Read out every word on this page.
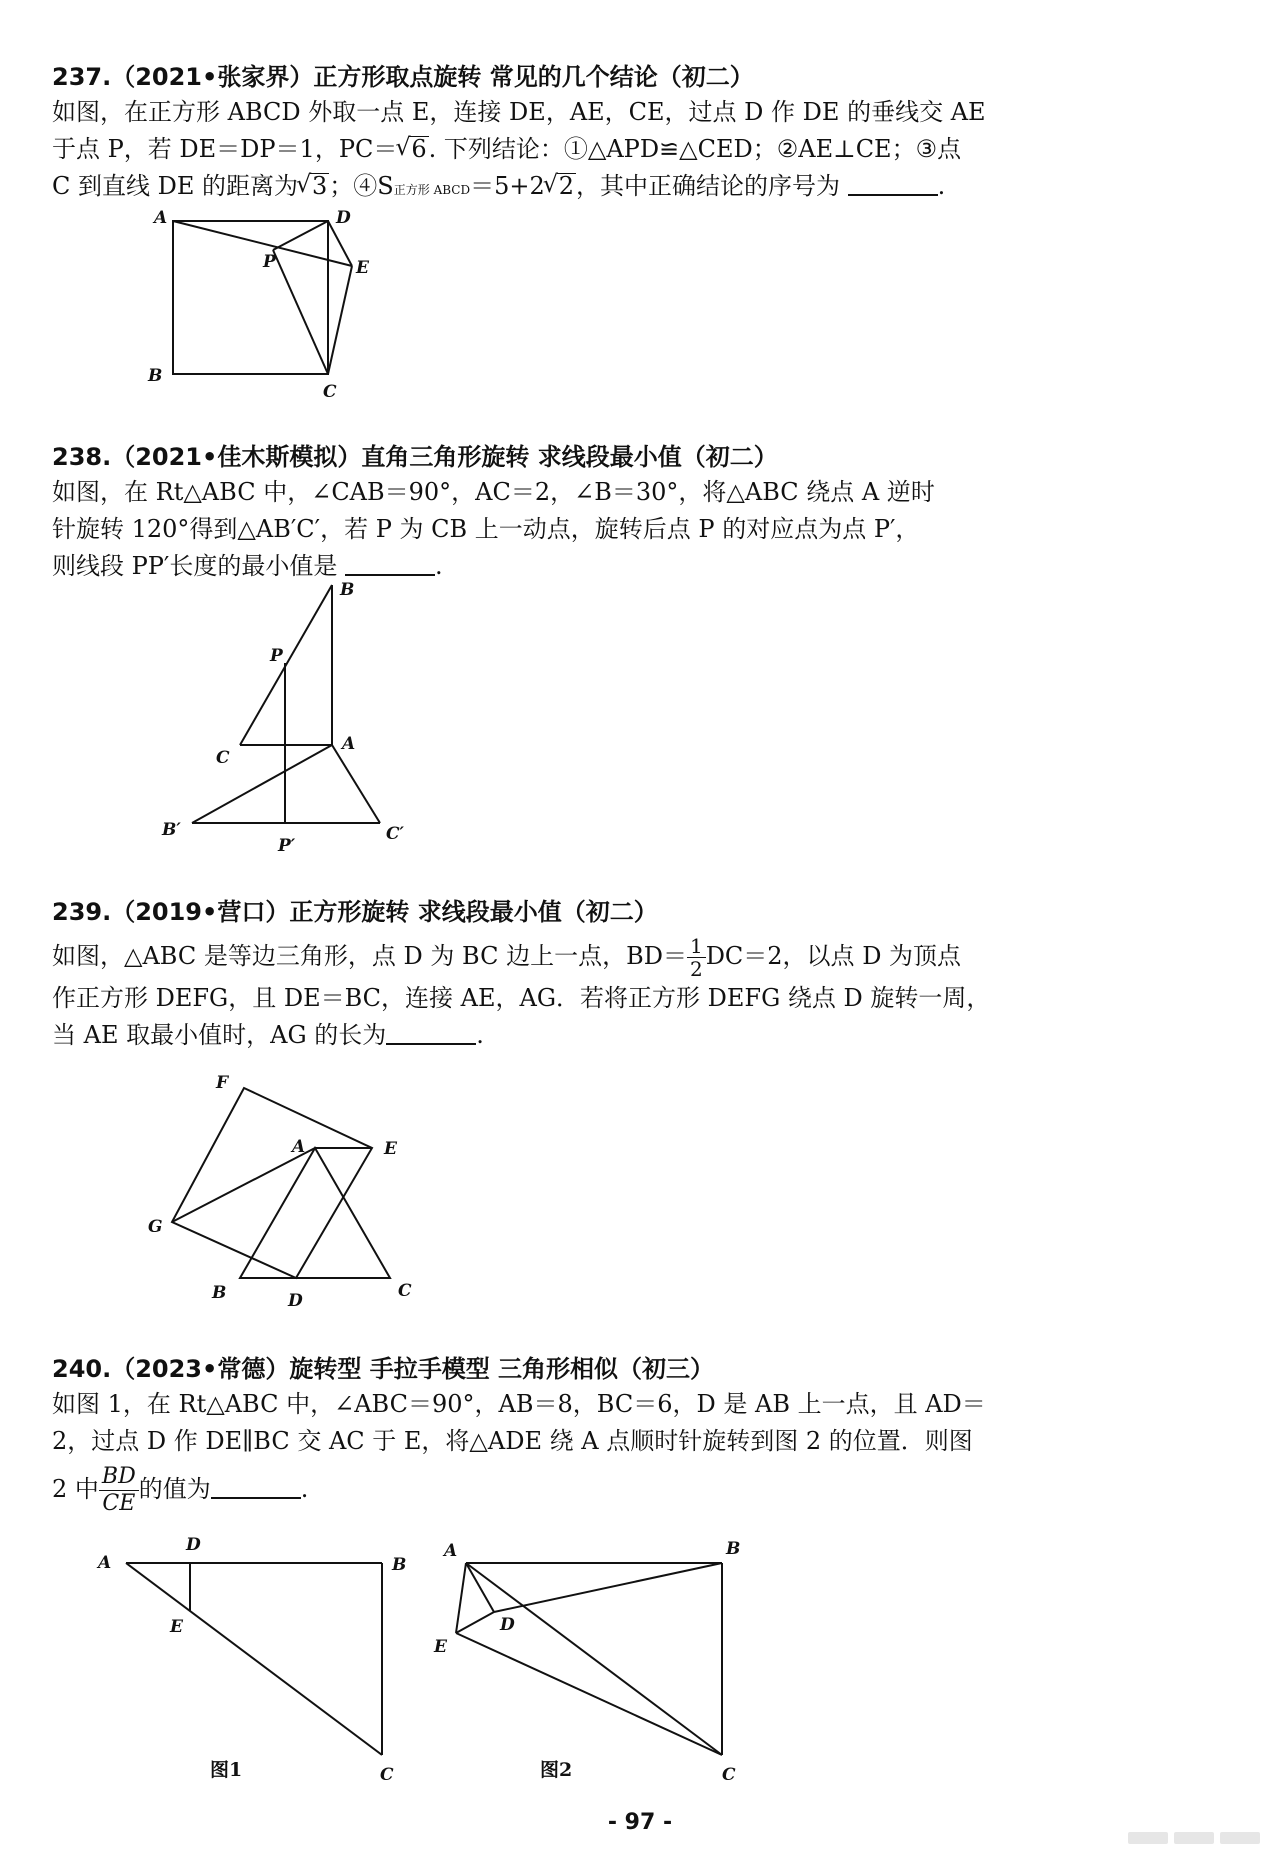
237.（2021•张家界）正方形取点旋转 常见的几个结论（初二）
如图，在正方形 ABCD 外取一点 E，连接 DE，AE，CE，过点 D 作 DE 的垂线交 AE
于点 P，若 DE＝DP＝1，PC＝ √ 6. 下列结论：①△APD≌△CED；②AE⊥CE；③点
C 到直线 DE 的距离为 √ 3；④S正方形 ABCD＝5+2 √ 2，其中正确结论的序号为	.
A	D
P	E
B
C
238.（2021•佳木斯模拟）直角三角形旋转 求线段最小值（初二）
如图，在 Rt△ABC 中，∠CAB＝90°，AC＝2，∠B＝30°，将△ABC 绕点 A 逆时
针旋转 120°得到△AB′C′，若 P 为 CB 上一动点，旋转后点 P 的对应点为点 P′，
则线段 PP′长度的最小值是	.
B
P
C
A
B′
P′
C′
239.（2019•营口）正方形旋转 求线段最小值（初二）
如图，△ABC 是等边三角形，点 D 为 BC 边上一点，$BD= \frac{1}{2} DC=2$，以点 D 为顶点
作正方形 DEFG，且 DE＝BC，连接 AE，AG．若将正方形 DEFG 绕点 D 旋转一周，
当 AE 取最小值时，AG 的长为	.
F
A	E
G
B	D	C
240.（2023•常德）旋转型 手拉手模型 三角形相似（初三）
如图 1，在 Rt△ABC 中，∠ABC＝90°，AB＝8，BC＝6，D 是 AB 上一点，且 AD＝
2，过点 D 作 DE∥BC 交 AC 于 E，将△ADE 绕 A 点顺时针旋转到图 2 的位置．则图
2 中 $\frac{BD}{CE}$ 的值为	.
A
D
B
E
C
图1
A	B
D
E
C
图2
- 97 -
